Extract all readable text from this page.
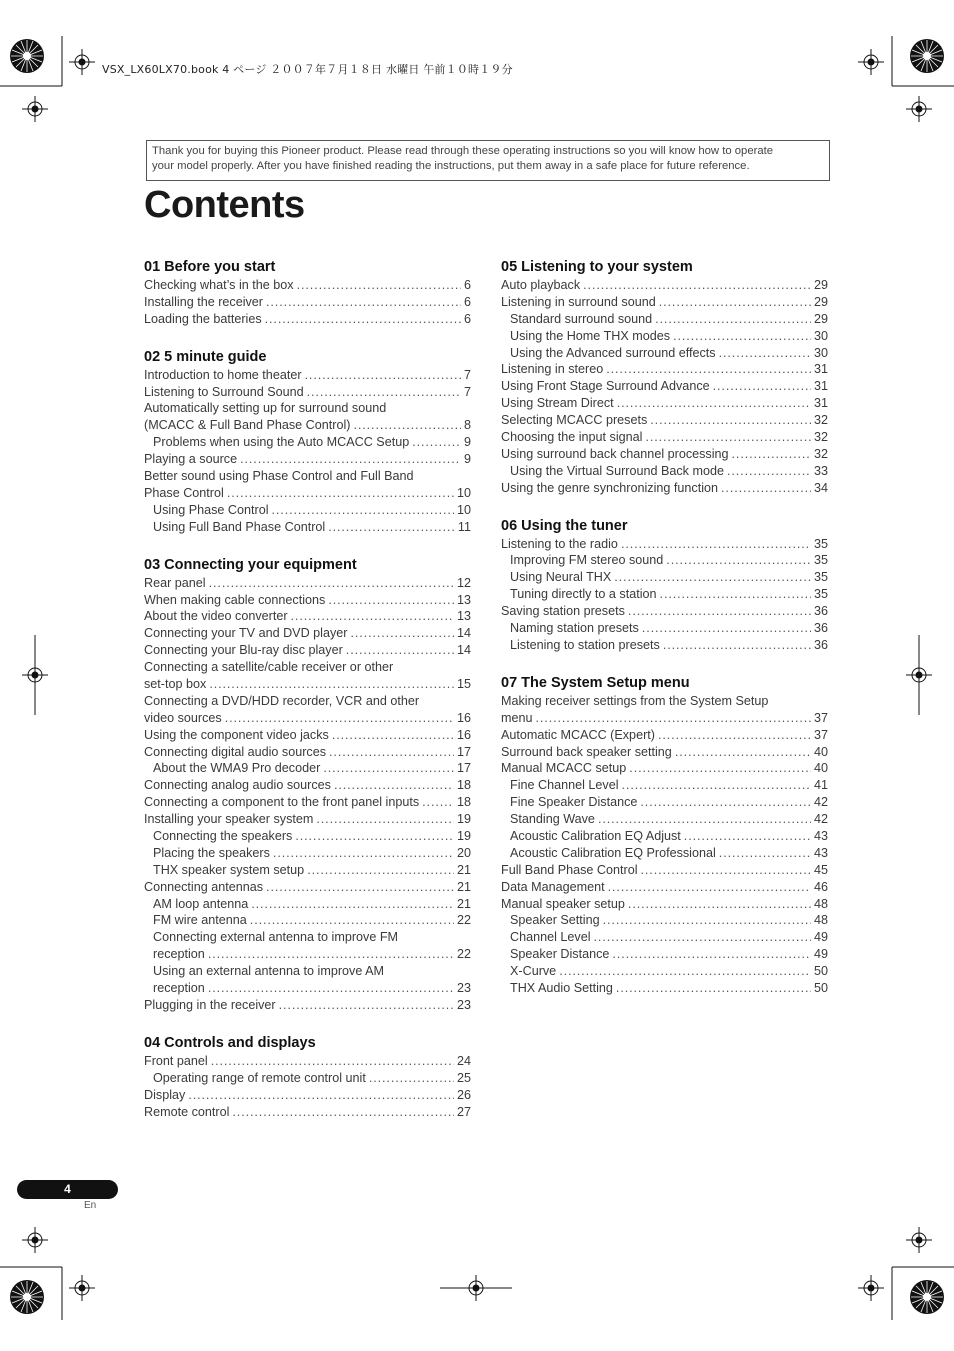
VSX_LX60LX70.book 4 ページ ２００７年７月１８日 水曜日 午前１０時１９分
Thank you for buying this Pioneer product. Please read through these operating instructions so you will know how to operate
your model properly. After you have finished reading the instructions, put them away in a safe place for future reference.
Contents
01 Before you start
Checking what’s in the box . . .	6
Installing the receiver . . .	6
Loading the batteries . . .	6
02 5 minute guide
Introduction to home theater . . .	7
Listening to Surround Sound . . .	7
Automatically setting up for surround sound
(MCACC & Full Band Phase Control) . . .	8
Problems when using the Auto MCACC Setup . . .	9
Playing a source . . .	9
Better sound using Phase Control and Full Band
Phase Control . . .	10
Using Phase Control . . .	10
Using Full Band Phase Control . . .	11
03 Connecting your equipment
Rear panel . . .	12
When making cable connections . . .	13
About the video converter . . .	13
Connecting your TV and DVD player . . .	14
Connecting your Blu-ray disc player . . .	14
Connecting a satellite/cable receiver or other
set-top box . . .	15
Connecting a DVD/HDD recorder, VCR and other
video sources . . .	16
Using the component video jacks . . .	16
Connecting digital audio sources . . .	17
About the WMA9 Pro decoder . . .	17
Connecting analog audio sources . . .	18
Connecting a component to the front panel inputs . . .	18
Installing your speaker system . . .	19
Connecting the speakers . . .	19
Placing the speakers . . .	20
THX speaker system setup . . .	21
Connecting antennas . . .	21
AM loop antenna . . .	21
FM wire antenna . . .	22
Connecting external antenna to improve FM
reception . . .	22
Using an external antenna to improve AM
reception . . .	23
Plugging in the receiver . . .	23
04 Controls and displays
Front panel . . .	24
Operating range of remote control unit . . .	25
Display . . .	26
Remote control . . .	27
05 Listening to your system
Auto playback . . .	29
Listening in surround sound . . .	29
Standard surround sound . . .	29
Using the Home THX modes . . .	30
Using the Advanced surround effects . . .	30
Listening in stereo . . .	31
Using Front Stage Surround Advance . . .	31
Using Stream Direct . . .	31
Selecting MCACC presets . . .	32
Choosing the input signal . . .	32
Using surround back channel processing . . .	32
Using the Virtual Surround Back mode . . .	33
Using the genre synchronizing function . . .	34
06 Using the tuner
Listening to the radio . . .	35
Improving FM stereo sound . . .	35
Using Neural THX . . .	35
Tuning directly to a station . . .	35
Saving station presets . . .	36
Naming station presets . . .	36
Listening to station presets . . .	36
07 The System Setup menu
Making receiver settings from the System Setup
menu . . .	37
Automatic MCACC (Expert) . . .	37
Surround back speaker setting . . .	40
Manual MCACC setup . . .	40
Fine Channel Level . . .	41
Fine Speaker Distance . . .	42
Standing Wave . . .	42
Acoustic Calibration EQ Adjust . . .	43
Acoustic Calibration EQ Professional . . .	43
Full Band Phase Control . . .	45
Data Management . . .	46
Manual speaker setup . . .	48
Speaker Setting . . .	48
Channel Level . . .	49
Speaker Distance . . .	49
X-Curve . . .	50
THX Audio Setting . . .	50
4
En
